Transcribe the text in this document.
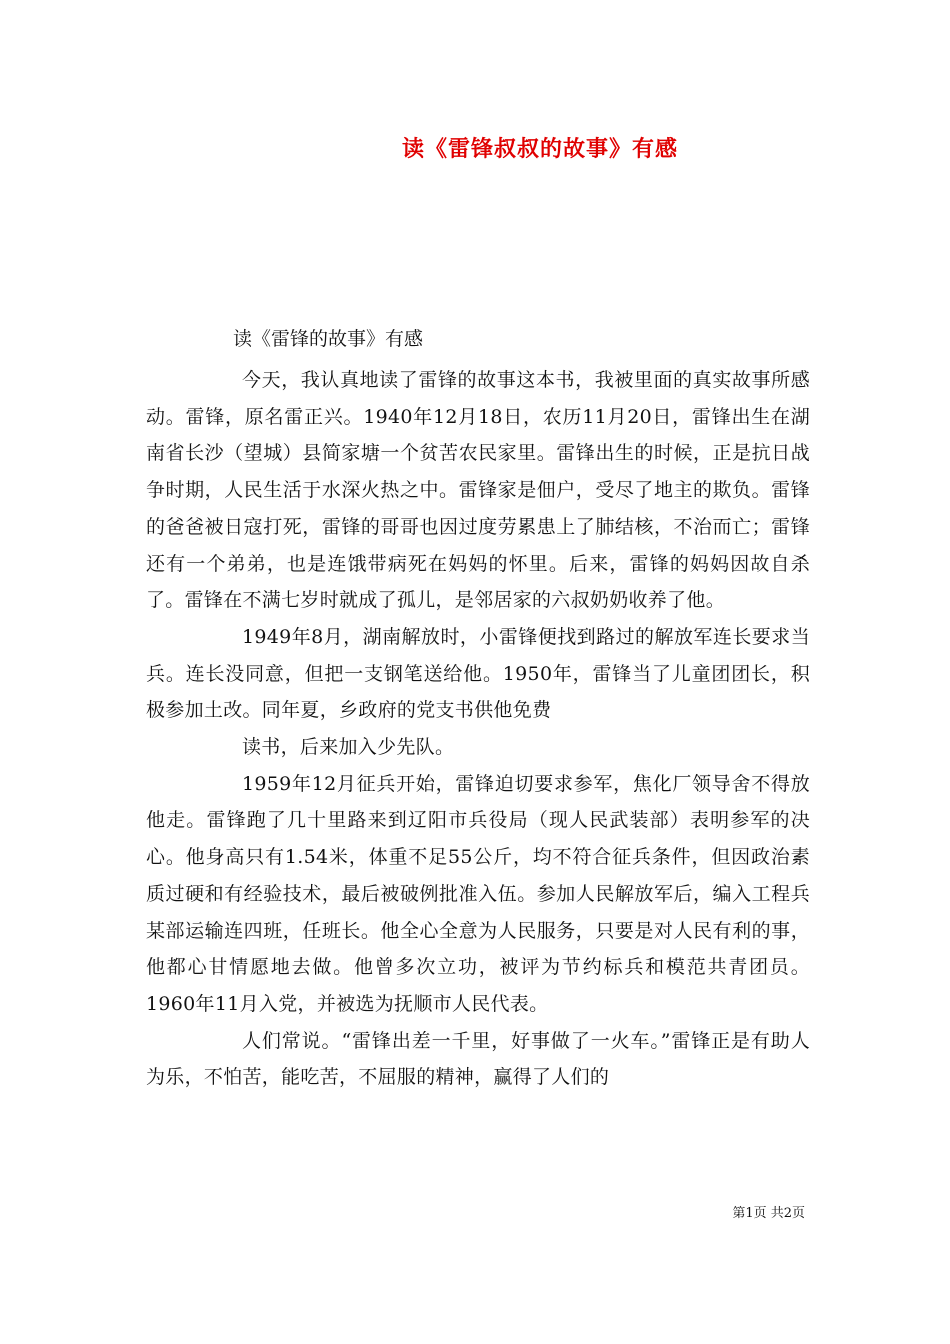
读《雷锋叔叔的故事》有感
读《雷锋的故事》有感

今天，我认真地读了雷锋的故事这本书，我被里面的真实故事所感动。雷锋，原名雷正兴。1940年12月18日，农历11月20日，雷锋出生在湖南省长沙（望城）县简家塘一个贫苦农民家里。雷锋出生的时候，正是抗日战争时期，人民生活于水深火热之中。雷锋家是佃户，受尽了地主的欺负。雷锋的爸爸被日寇打死，雷锋的哥哥也因过度劳累患上了肺结核，不治而亡；雷锋还有一个弟弟，也是连饿带病死在妈妈的怀里。后来，雷锋的妈妈因故自杀了。雷锋在不满七岁时就成了孤儿，是邻居家的六叔奶奶收养了他。

1949年8月，湖南解放时，小雷锋便找到路过的解放军连长要求当兵。连长没同意，但把一支钢笔送给他。1950年，雷锋当了儿童团团长，积极参加土改。同年夏，乡政府的党支书供他免费

读书，后来加入少先队。

1959年12月征兵开始，雷锋迫切要求参军，焦化厂领导舍不得放他走。雷锋跑了几十里路来到辽阳市兵役局（现人民武装部）表明参军的决心。他身高只有1.54米，体重不足55公斤，均不符合征兵条件，但因政治素质过硬和有经验技术，最后被破例批准入伍。参加人民解放军后，编入工程兵某部运输连四班，任班长。他全心全意为人民服务，只要是对人民有利的事，他都心甘情愿地去做。他曾多次立功，被评为节约标兵和模范共青团员。1960年11月入党，并被选为抚顺市人民代表。

人们常说。“雷锋出差一千里，好事做了一火车。”雷锋正是有助人为乐，不怕苦，能吃苦，不屈服的精神，赢得了人们的

第1页 共2页
